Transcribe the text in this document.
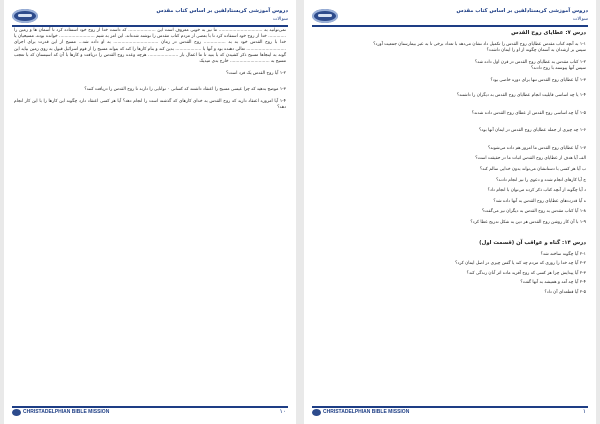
دروس آموزشی کریستادلفین بر اساس کتاب مقدس
سوالات

نمی‌توانید به ................................ ما نیز به خوبی معروف است این .................... که داست خدا از روح خود استفاده کرد تا آسمان ها و زمین را ............. خدا از روح خود استفاده کرد تا با بعضی از مردم کتاب مقدس را نوشته شده‌اند. این امر به شیم .......................... خوانده بوده، مسیحیان یا خدا با روح القدس خود به به ................ روح القدس در زمان ................................. به او داده شد... مسیح از این قدرت برای اجرای ............................. تعالی دهنده بود و آنها با ................... بدین کند و بنام کارها را کند که بتواند مسیح را از قوم اسرائیل قبول به روی زمین بیاید این گونه به اینجا‌ها مسیح ذکر کشیدن که با بتید تا ما اعمال بار ...................... هرچه وعده روح القدس را دریافت و کارها با آن که اسیستان که با تعجب مسیح به ............................. خارج بدی میدیک

۱-۲ آیا روح القدس یک فرد است؟

۱-۳ موضح بدهید که چرا عیسی مسیح را اعتقاد داشتند که کسانی ۰ توانایی را دارند تا روح القدس را دریافت کنند؟

۱-۴ آیا امروزه اعتقاد دارید که روح القدس به خدای کارهای که گذشته است را انجام دهد؟ آیا هر کسی اعتقاد دارد چگونه این کارها را با این کار انجام دهد؟

CHRISTADELPHIAN BIBLE MISSION	۱۰
دروس آموزشی کریستادلفین بر اساس کتاب مقدس
سوالات
درس ۷: عطایای روح القدس

۱-۱ به آنچه کتاب مقدس عطایای روح القدس را تکمیل داد نشان می‌دهد با تعداد برخی تا به عبر بیمارستان جمعیت آورد؟

سپس بر ارشدان به آسمان چگونه از او را ایمان داشت؟

۱-۲ کتاب مقدس به عطایای روح القدس در قرن اول داده شد؟

سپس آنها پیوسته با روح دادند؟

۱-۳ آیا عطایای روح القدس تنها برای دوره خاصی بود؟

۱-۴ یا چه اساسی قابلیت انجام عطایای روح القدس به دیگران را داشتند؟

۱-۵ آیا چه اساسی روح القدس از عطای روح القدس داده شدند؟

۱-۶ چه چیزی از جمله عطایای روح القدس در ایمان آنها بود؟

۱-۷ آیا عطایای روح القدس ما امروز هم داده می‌شوند؟

الف آیا هدف از عطایای روح القدس اثبات ما در حقیقت است؟

ب آیا هر کسی با دستانشان می‌تواند بدون خدایی سالم کند؟

ج آیا کارهای انجام شده و دعوی را نیز انجام دادند؟

د آیا چگونه از آنچه کتاب ذکر کرده می‌توان با انجام داد؟

ه آیا قدرت‌های عطایای روح القدس به آنها داده شد؟

۱-۸ آیا کتاب مقدس به روح القدس به دیگران نیز می‌گفت؟

۱-۹ با آن کار روشن روح القدس هر دین به شکل تدریج عطا کرد؟

درس ۱۴: گناه و عواقب آن (قسمت اول)

۲-۱ آیا چگونه ساخته شد؟

۲-۲ آیا چه خدا را روزی که مردم چه کند یا گفتن چیزی در اصل ایمان کرد؟

۲-۳ آیا پیدایش چرا هر کسی که روح آفرید ماده اثر آنان زندگی کند؟

۲-۴ آیا چه آمد و همیشه به آنها گفت؟

۲-۵ آیا قطعه‌ای آن داد؟

CHRISTADELPHIAN BIBLE MISSION	۱
